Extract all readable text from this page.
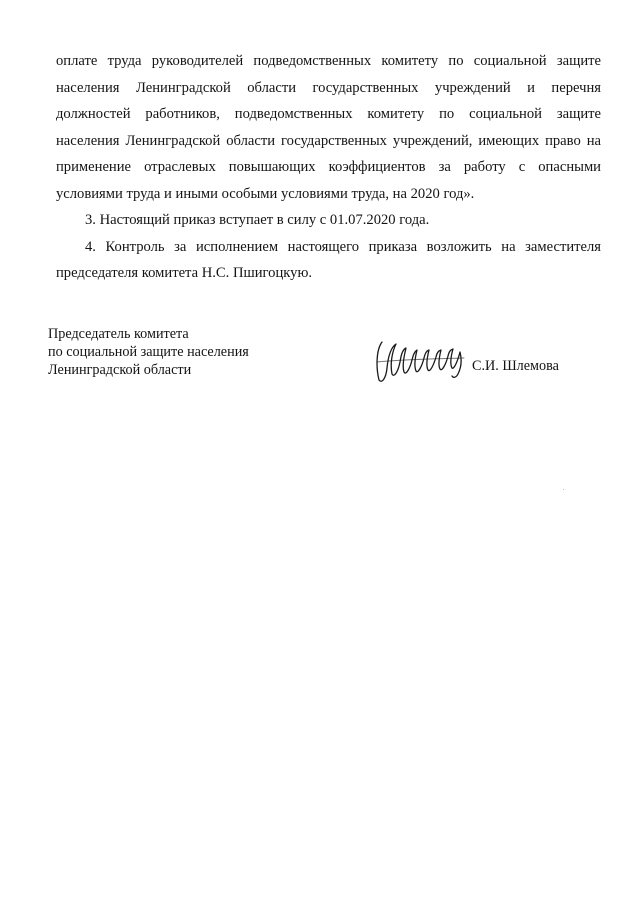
оплате труда руководителей подведомственных комитету по социальной защите

населения Ленинградской области государственных учреждений и перечня

должностей работников, подведомственных комитету по социальной защите

населения Ленинградской области государственных учреждений, имеющих право на

применение отраслевых повышающих коэффициентов за работу с опасными

условиями труда и иными особыми условиями труда, на 2020 год».

3. Настоящий приказ вступает в силу с 01.07.2020 года.

4. Контроль за исполнением настоящего приказа возложить на заместителя

председателя комитета Н.С. Пшигоцкую.

Председатель комитета
по социальной защите населения
Ленинградской области	С.И. Шлемова
